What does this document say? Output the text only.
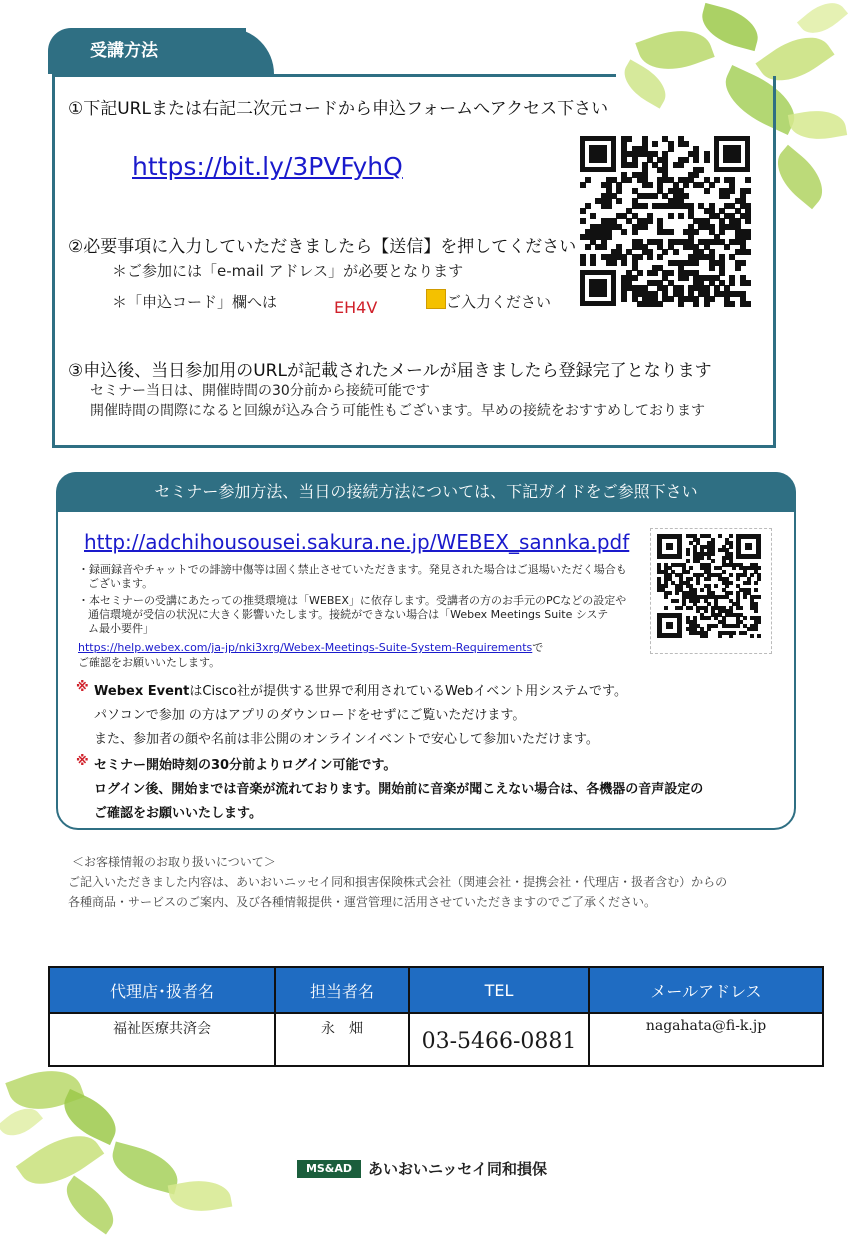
受講方法
①下記URLまたは右記二次元コードから申込フォームへアクセス下さい
https://bit.ly/3PVFyhQ
②必要事項に入力していただきましたら【送信】を押してください
＊ご参加には「e-mail アドレス」が必要となります
＊「申込コード」欄へは	EH4V	ご入力ください
③申込後、当日参加用のURLが記載されたメールが届きましたら登録完了となります
セミナー当日は、開催時間の30分前から接続可能です
開催時間の間際になると回線が込み合う可能性もございます。早めの接続をおすすめしております
セミナー参加方法、当日の接続方法については、下記ガイドをご参照下さい
http://adchihousousei.sakura.ne.jp/WEBEX_sannka.pdf
・録画録音やチャットでの誹謗中傷等は固く禁止させていただきます。発見された場合はご退場いただく場合も
ございます。
・本セミナーの受講にあたっての推奨環境は「WEBEX」に依存します。受講者の方のお手元のPCなどの設定や
通信環境が受信の状況に大きく影響いたします。接続ができない場合は「Webex Meetings Suite システ
ム最小要件」
https://help.webex.com/ja-jp/nki3xrg/Webex-Meetings-Suite-System-Requirementsで
ご確認をお願いいたします。
※ Webex EventはCisco社が提供する世界で利用されているWebイベント用システムです。
パソコンで参加 の方はアプリのダウンロードをせずにご覧いただけます。
また、参加者の顔や名前は非公開のオンラインイベントで安心して参加いただけます。
※ セミナー開始時刻の30分前よりログイン可能です。
ログイン後、開始までは音楽が流れております。開始前に音楽が聞こえない場合は、各機器の音声設定の
ご確認をお願いいたします。
＜お客様情報のお取り扱いについて＞
ご記入いただきました内容は、あいおいニッセイ同和損害保険株式会社（関連会社・提携会社・代理店・扱者含む）からの
各種商品・サービスのご案内、及び各種情報提供・運営管理に活用させていただきますのでご了承ください。
代理店･扱者名	担当者名	TEL	メールアドレス
福祉医療共済会	永　畑	03-5466-0881	nagahata@fi-k.jp
MS&AD	あいおいニッセイ同和損保
